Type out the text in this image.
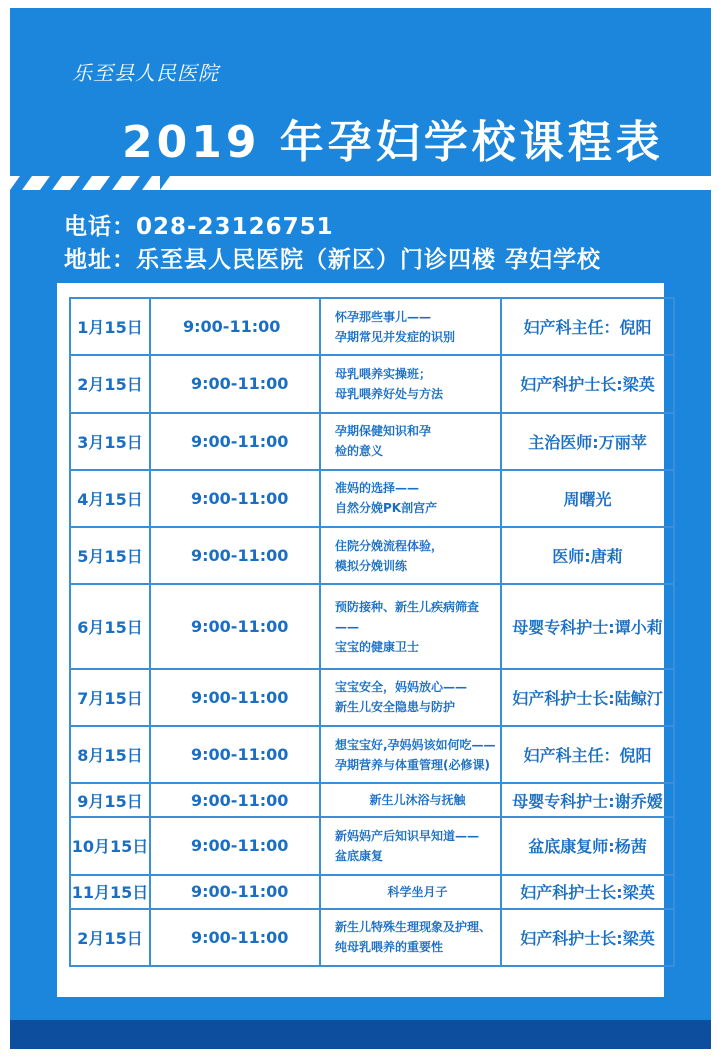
乐至县人民医院
2019 年孕妇学校课程表
电话：028-23126751
地址：乐至县人民医院（新区）门诊四楼 孕妇学校
1月15日	9:00-11:00	怀孕那些事儿——
孕期常见并发症的识别	妇产科主任：倪阳
2月15日	9:00-11:00	母乳喂养实操班；
母乳喂养好处与方法	妇产科护士长:梁英
3月15日	9:00-11:00	孕期保健知识和孕
检的意义	主治医师:万丽苹
4月15日	9:00-11:00	准妈的选择——
自然分娩PK剖宫产	周曙光
5月15日	9:00-11:00	住院分娩流程体验，
模拟分娩训练	医师:唐莉
6月15日	9:00-11:00	预防接种、新生儿疾病筛查——
宝宝的健康卫士	母婴专科护士:谭小莉
7月15日	9:00-11:00	宝宝安全，妈妈放心——
新生儿安全隐患与防护	妇产科护士长:陆鲸汀
8月15日	9:00-11:00	想宝宝好,孕妈妈该如何吃——
孕期营养与体重管理(必修课)	妇产科主任：倪阳
9月15日	9:00-11:00	新生儿沐浴与抚触	母婴专科护士:谢乔嫒
10月15日	9:00-11:00	新妈妈产后知识早知道——
盆底康复	盆底康复师:杨茜
11月15日	9:00-11:00	科学坐月子	妇产科护士长:梁英
2月15日	9:00-11:00	新生儿特殊生理现象及护理、
纯母乳喂养的重要性	妇产科护士长:梁英
